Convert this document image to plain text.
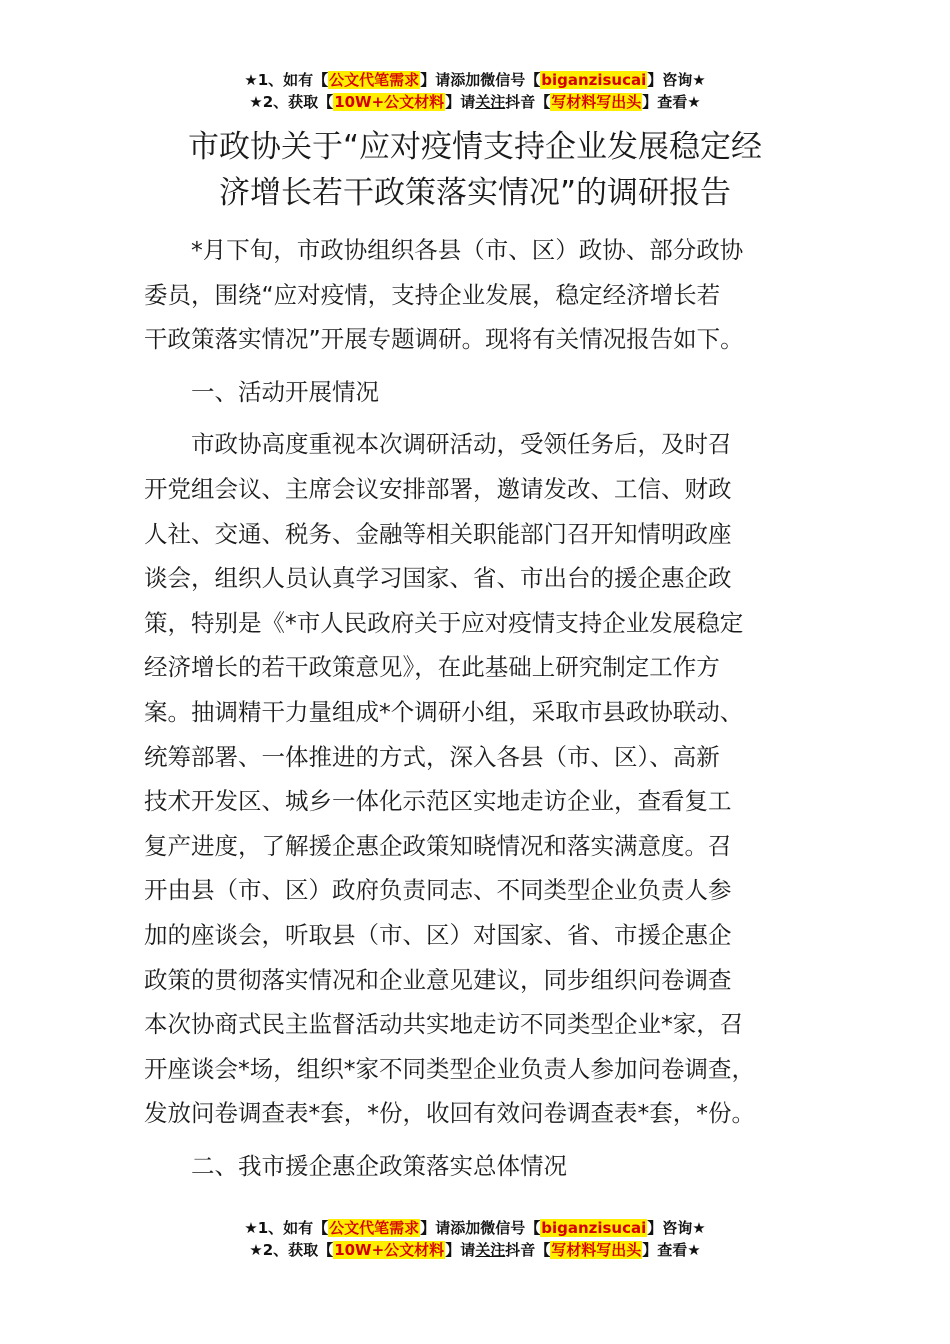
★1、如有【公文代笔需求】请添加微信号【biganzisucai】咨询★
★2、获取【10W+公文材料】请关注抖音【写材料写出头】查看★
市政协关于“应对疫情支持企业发展稳定经
济增长若干政策落实情况”的调研报告
*月下旬，市政协组织各县（市、区）政协、部分政协
委员，围绕“应对疫情，支持企业发展，稳定经济增长若
干政策落实情况”开展专题调研。现将有关情况报告如下。
一、活动开展情况
市政协高度重视本次调研活动，受领任务后，及时召
开党组会议、主席会议安排部署，邀请发改、工信、财政
人社、交通、税务、金融等相关职能部门召开知情明政座
谈会，组织人员认真学习国家、省、市出台的援企惠企政
策，特别是《*市人民政府关于应对疫情支持企业发展稳定
经济增长的若干政策意见》，在此基础上研究制定工作方
案。抽调精干力量组成*个调研小组，采取市县政协联动、
统筹部署、一体推进的方式，深入各县（市、区）、高新
技术开发区、城乡一体化示范区实地走访企业，查看复工
复产进度，了解援企惠企政策知晓情况和落实满意度。召
开由县（市、区）政府负责同志、不同类型企业负责人参
加的座谈会，听取县（市、区）对国家、省、市援企惠企
政策的贯彻落实情况和企业意见建议，同步组织问卷调查
本次协商式民主监督活动共实地走访不同类型企业*家，召
开座谈会*场，组织*家不同类型企业负责人参加问卷调查，
发放问卷调查表*套，*份，收回有效问卷调查表*套，*份。
二、我市援企惠企政策落实总体情况
★1、如有【公文代笔需求】请添加微信号【biganzisucai】咨询★
★2、获取【10W+公文材料】请关注抖音【写材料写出头】查看★
